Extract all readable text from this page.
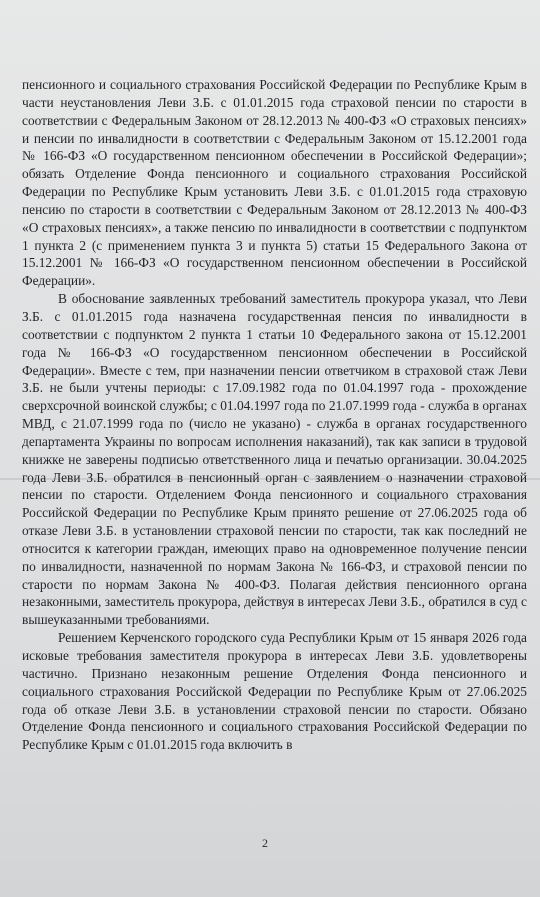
пенсионного и социального страхования Российской Федерации по Республике Крым в части неустановления Леви З.Б. с 01.01.2015 года страховой пенсии по старости в соответствии с Федеральным Законом от 28.12.2013 № 400-ФЗ «О страховых пенсиях» и пенсии по инвалидности в соответствии с Федеральным Законом от 15.12.2001 года № 166-ФЗ «О государственном пенсионном обеспечении в Российской Федерации»; обязать Отделение Фонда пенсионного и социального страхования Российской Федерации по Республике Крым установить Леви З.Б. с 01.01.2015 года страховую пенсию по старости в соответствии с Федеральным Законом от 28.12.2013 № 400-ФЗ «О страховых пенсиях», а также пенсию по инвалидности в соответствии с подпунктом 1 пункта 2 (с применением пункта 3 и пункта 5) статьи 15 Федерального Закона от 15.12.2001 № 166-ФЗ «О государственном пенсионном обеспечении в Российской Федерации».

В обоснование заявленных требований заместитель прокурора указал, что Леви З.Б. с 01.01.2015 года назначена государственная пенсия по инвалидности в соответствии с подпунктом 2 пункта 1 статьи 10 Федерального закона от 15.12.2001 года № 166-ФЗ «О государственном пенсионном обеспечении в Российской Федерации». Вместе с тем, при назначении пенсии ответчиком в страховой стаж Леви З.Б. не были учтены периоды: с 17.09.1982 года по 01.04.1997 года - прохождение сверхсрочной воинской службы; с 01.04.1997 года по 21.07.1999 года - служба в органах МВД, с 21.07.1999 года по (число не указано) - служба в органах государственного департамента Украины по вопросам исполнения наказаний), так как записи в трудовой книжке не заверены подписью ответственного лица и печатью организации. 30.04.2025 года Леви З.Б. обратился в пенсионный орган с заявлением о назначении страховой пенсии по старости. Отделением Фонда пенсионного и социального страхования Российской Федерации по Республике Крым принято решение от 27.06.2025 года об отказе Леви З.Б. в установлении страховой пенсии по старости, так как последний не относится к категории граждан, имеющих право на одновременное получение пенсии по инвалидности, назначенной по нормам Закона № 166-ФЗ, и страховой пенсии по старости по нормам Закона № 400-ФЗ. Полагая действия пенсионного органа незаконными, заместитель прокурора, действуя в интересах Леви З.Б., обратился в суд с вышеуказанными требованиями.

Решением Керченского городского суда Республики Крым от 15 января 2026 года исковые требования заместителя прокурора в интересах Леви З.Б. удовлетворены частично. Признано незаконным решение Отделения Фонда пенсионного и социального страхования Российской Федерации по Республике Крым от 27.06.2025 года об отказе Леви З.Б. в установлении страховой пенсии по старости. Обязано Отделение Фонда пенсионного и социального страхования Российской Федерации по Республике Крым с 01.01.2015 года включить в

2
